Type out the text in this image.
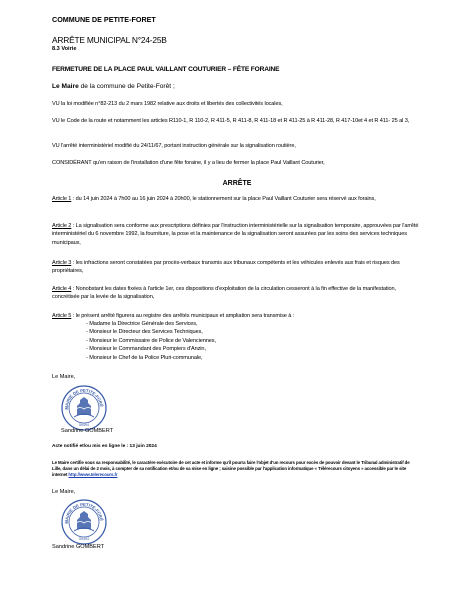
COMMUNE DE PETITE-FORET
ARRÊTE MUNICIPAL N°24-25B
8.3 Voirie
FERMETURE DE LA PLACE PAUL VAILLANT COUTURIER – FÊTE FORAINE
Le Maire de la commune de Petite-Forêt ;
VU la loi modifiée n°82-213 du 2 mars 1982 relative aux droits et libertés des collectivités locales,
VU le Code de la route et notamment les articles R110-1, R 110-2, R 411-5, R 411-8, R 411-18 et R 411-25 à R 411-28, R 417-10et 4 et R 411- 25 al 3,
VU l'arrêté interministériel modifié du 24/11/67, portant instruction générale sur la signalisation routière,
CONSIDÉRANT qu'en raison de l'installation d'une fête foraine, il y a lieu de fermer la place Paul Vaillant Couturier,
ARRÊTE
Article 1 : du 14 juin 2024 à 7h00 au 16 juin 2024 à 20h00, le stationnement sur la place Paul Vaillant Couturier sera réservé aux forains,
Article 2 : La signalisation sera conforme aux prescriptions définies par l'instruction interministérielle sur la signalisation temporaire, approuvées par l'arrêté interministériel du 6 novembre 1992, la fourniture, la pose et la maintenance de la signalisation seront assurées par les soins des services techniques municipaux,
Article 3 : les infractions seront constatées par procès-verbaux transmis aux tribunaux compétents et les véhicules enlevés aux frais et risques des propriétaires,
Article 4 : Nonobstant les dates fixées à l'article 1er, ces dispositions d'exploitation de la circulation cesseront à la fin effective de la manifestation, concrétisée par la levée de la signalisation,
Article 5 : le présent arrêté figurera au registre des arrêtés municipaux et ampliation sera transmise à :
- Madame la Directrice Générale des Services,
- Monsieur le Directeur des Services Techniques,
- Monsieur le Commissaire de Police de Valenciennes,
- Monsieur le Commandant des Pompiers d'Anzin,
- Monsieur le Chef de la Police Pluri-communale,
Le Maire,
MAIRIE DE PETITE-FORÊ
59494
Sandrine GOMBERT
Acte notifié et/ou mis en ligne le : 13 juin 2024
Le Maire certifie sous sa responsabilité, le caractère exécutoire de cet acte et informe qu'il pourra faire l'objet d'un recours pour excès de pouvoir devant le Tribunal administratif de Lille, dans un délai de 2 mois, à compter de sa notification et/ou de sa mise en ligne ; saisine possible par l'application informatique « Télérecours citoyens » accessible par le site internet http://www.telerecours.fr
Le Maire,
MAIRIE DE PETITE-FORÊ
59494
Sandrine GOMBERT
